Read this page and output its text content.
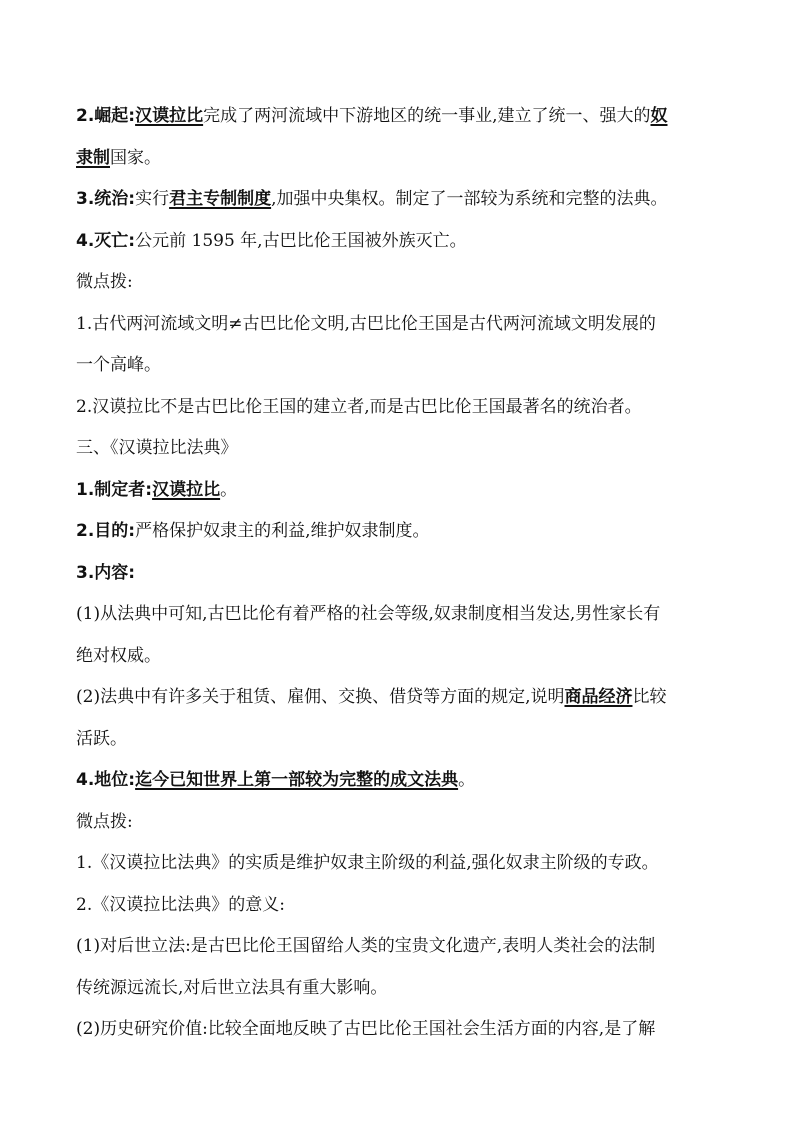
2.崛起:汉谟拉比完成了两河流域中下游地区的统一事业,建立了统一、强大的奴
隶制国家。
3.统治:实行君主专制制度,加强中央集权。制定了一部较为系统和完整的法典。
4.灭亡:公元前 1595 年,古巴比伦王国被外族灭亡。
微点拨:
1.古代两河流域文明≠古巴比伦文明,古巴比伦王国是古代两河流域文明发展的
一个高峰。
2.汉谟拉比不是古巴比伦王国的建立者,而是古巴比伦王国最著名的统治者。
三、《汉谟拉比法典》
1.制定者:汉谟拉比。
2.目的:严格保护奴隶主的利益,维护奴隶制度。
3.内容:
(1)从法典中可知,古巴比伦有着严格的社会等级,奴隶制度相当发达,男性家长有
绝对权威。
(2)法典中有许多关于租赁、雇佣、交换、借贷等方面的规定,说明商品经济比较
活跃。
4.地位:迄今已知世界上第一部较为完整的成文法典。
微点拨:
1.《汉谟拉比法典》的实质是维护奴隶主阶级的利益,强化奴隶主阶级的专政。
2.《汉谟拉比法典》的意义:
(1)对后世立法:是古巴比伦王国留给人类的宝贵文化遗产,表明人类社会的法制
传统源远流长,对后世立法具有重大影响。
(2)历史研究价值:比较全面地反映了古巴比伦王国社会生活方面的内容,是了解
